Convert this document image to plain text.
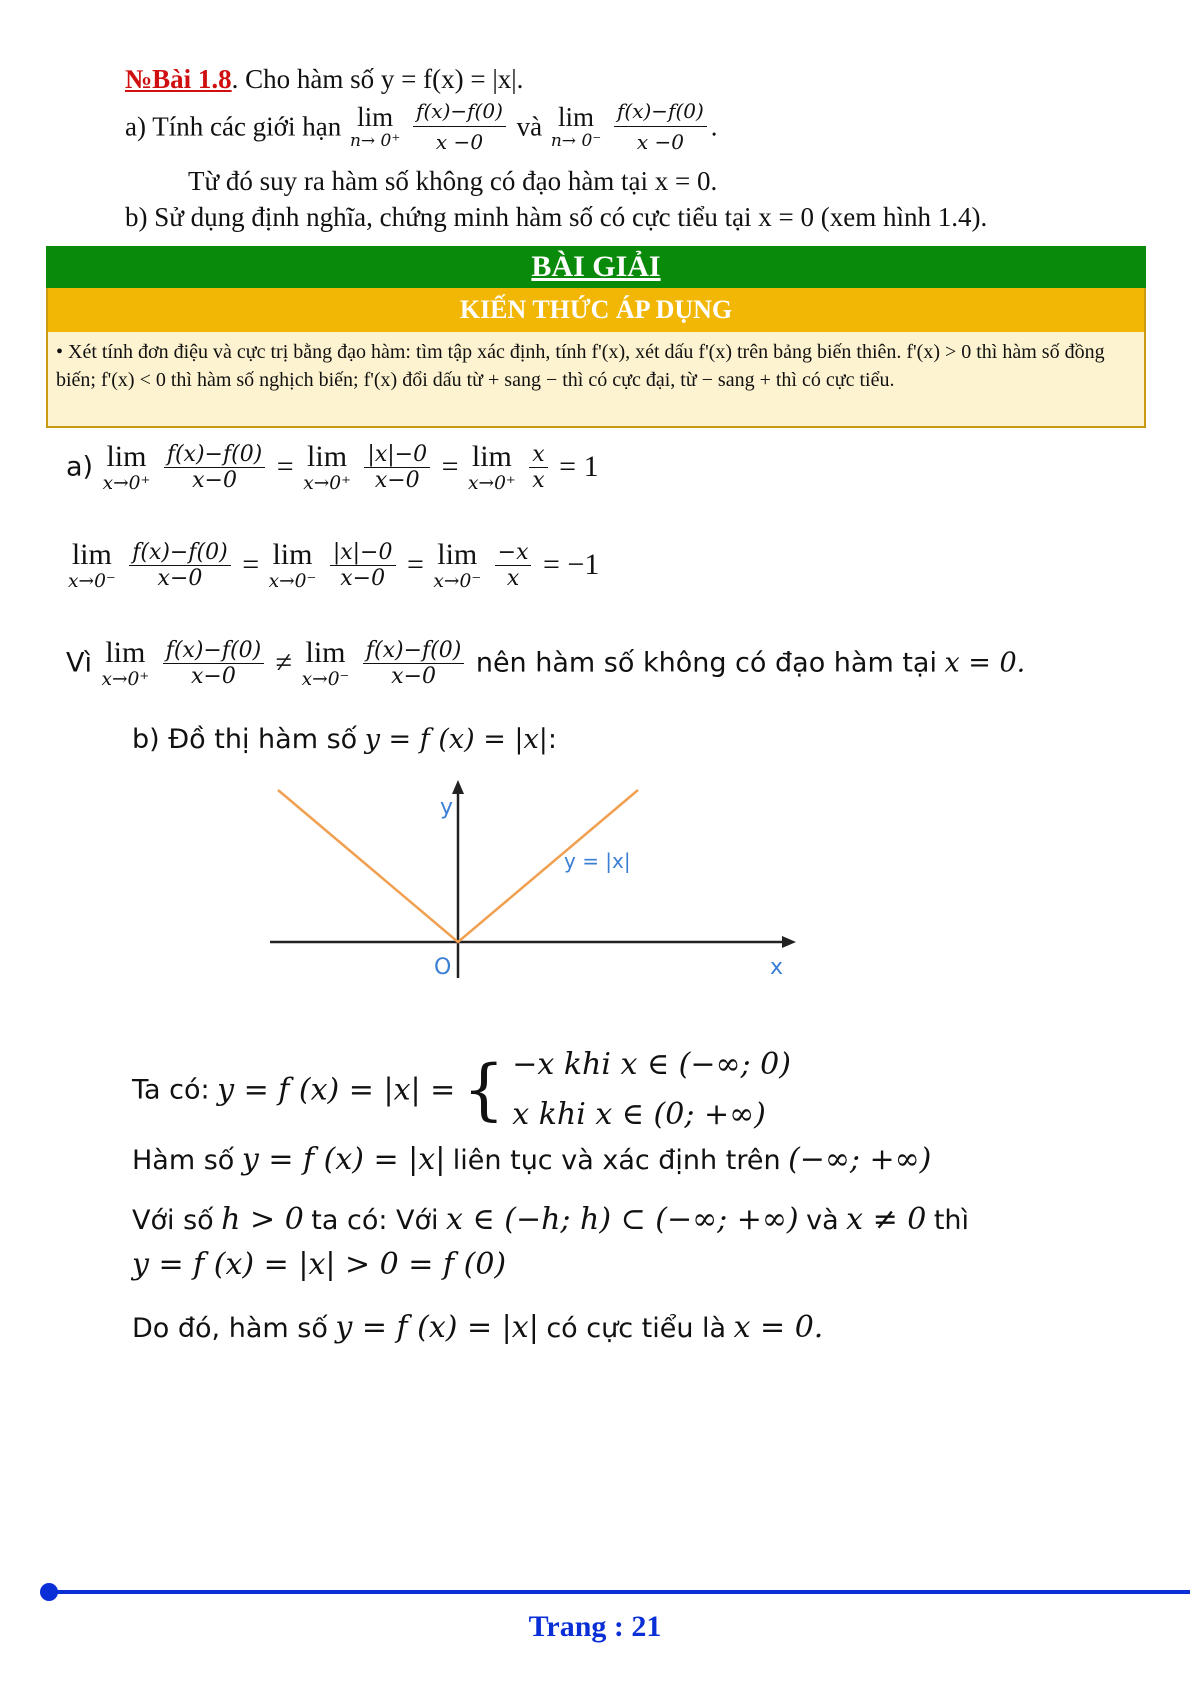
№Bài 1.8. Cho hàm số y = f(x) = |x|.
a) Tính các giới hạn lim
n→ 0⁺
$\frac{f(x)-f(0)}{x -0}$ và lim
n→ 0⁻
$\frac{f(x)-f(0)}{x -0}$ .
Từ đó suy ra hàm số không có đạo hàm tại x = 0.
b) Sử dụng định nghĩa, chứng minh hàm số có cực tiểu tại x = 0 (xem hình 1.4).
BÀI GIẢI
KIẾN THỨC ÁP DỤNG
• Xét tính đơn điệu và cực trị bằng đạo hàm: tìm tập xác định, tính f'(x), xét dấu f'(x) trên bảng biến thiên. f'(x) > 0 thì hàm số đồng biến; f'(x) < 0 thì hàm số nghịch biến; f'(x) đổi dấu từ + sang − thì có cực đại, từ − sang + thì có cực tiểu.
a) lim
x→0⁺
$\frac{f(x)-f(0)}{x-0} = \lim$
x→0⁺
$\frac{|x|-0}{x-0} = \lim$
x→0⁺
$\frac{x}{x} = 1$
lim
x→0⁻
$\frac{f(x)-f(0)}{x-0} = \lim$
x→0⁻
$\frac{|x|-0}{x-0} = \lim$
x→0⁻
$\frac{-x}{x} = -1$
Vì lim
x→0⁺
$\frac{f(x)-f(0)}{x-0} \ne \lim$
x→0⁻
$\frac{f(x)-f(0)}{x-0}$ nên hàm số không có đạo hàm tại x = 0.
b) Đồ thị hàm số y = f (x) = |x|:
y
x
O
y = |x|
Ta có: y = f (x) = |x| = { −x khi x ∈ (−∞; 0)
x khi x ∈ (0; +∞)
Hàm số y = f (x) = |x| liên tục và xác định trên (−∞; +∞)
Với số h > 0 ta có: Với x ∈ (−h; h) ⊂ (−∞; +∞) và x ≠ 0 thì
y = f (x) = |x| > 0 = f (0)
Do đó, hàm số y = f (x) = |x| có cực tiểu là x = 0.
Trang : 21
